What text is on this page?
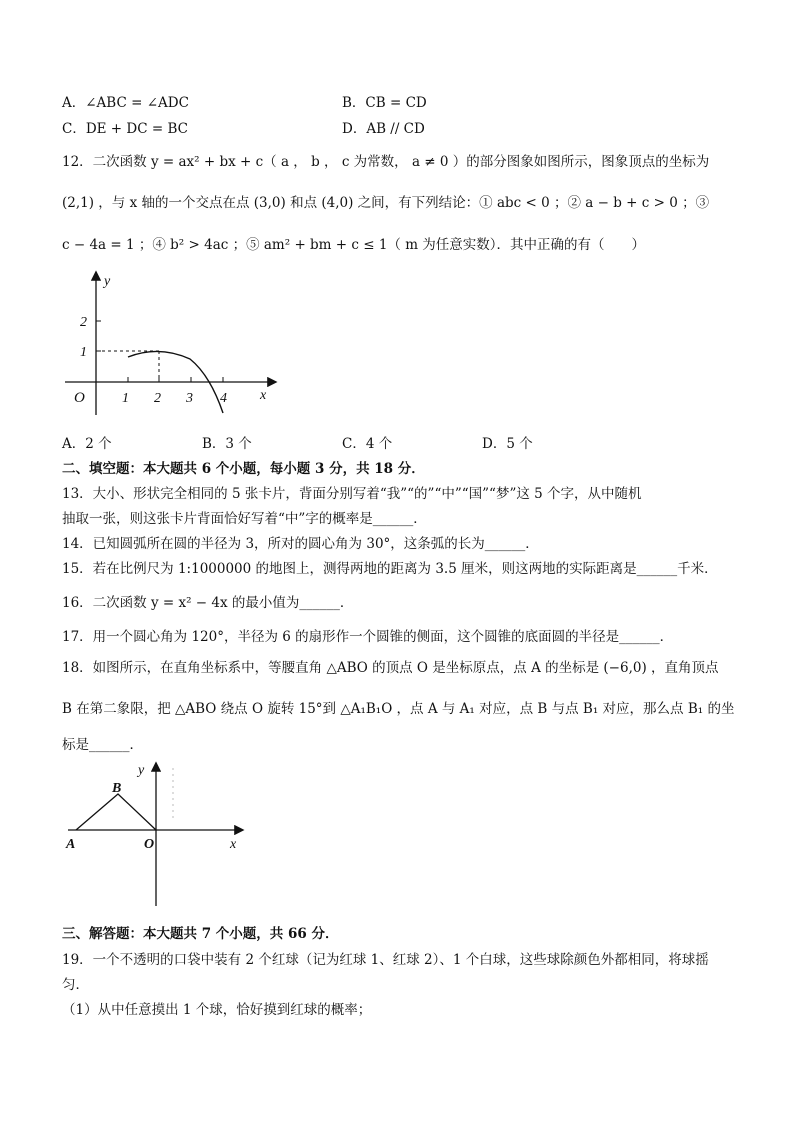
A．∠ABC = ∠ADC	B．CB = CD
C．DE + DC = BC	D．AB // CD
12．二次函数 y = ax² + bx + c（ a ， b ， c 为常数， a ≠ 0 ）的部分图象如图所示，图象顶点的坐标为
(2,1) ，与 x 轴的一个交点在点 (3,0) 和点 (4,0) 之间，有下列结论：① abc < 0 ；② a − b + c > 0 ；③
c − 4a = 1 ；④ b² > 4ac ；⑤ am² + bm + c ≤ 1（ m 为任意实数）．其中正确的有（　　）
y
x
O	1 2 3 4
1
2
A．2 个	B．3 个	C．4 个	D．5 个
二、填空题：本大题共 6 个小题，每小题 3 分，共 18 分．
13．大小、形状完全相同的 5 张卡片，背面分别写着“我”“的”“中”“国”“梦”这 5 个字，从中随机
抽取一张，则这张卡片背面恰好写着“中”字的概率是______．
14．已知圆弧所在圆的半径为 3，所对的圆心角为 30°，这条弧的长为______．
15．若在比例尺为 1:1000000 的地图上，测得两地的距离为 3.5 厘米，则这两地的实际距离是______千米．
16．二次函数 y = x² − 4x 的最小值为______．
17．用一个圆心角为 120°，半径为 6 的扇形作一个圆锥的侧面，这个圆锥的底面圆的半径是______．
18．如图所示，在直角坐标系中，等腰直角 △ABO 的顶点 O 是坐标原点，点 A 的坐标是 (−6,0) ，直角顶点
B 在第二象限，把 △ABO 绕点 O 旋转 15°到 △A₁B₁O ，点 A 与 A₁ 对应，点 B 与点 B₁ 对应，那么点 B₁ 的坐
标是______．
y
x
B
A	O
三、解答题：本大题共 7 个小题，共 66 分．
19．一个不透明的口袋中装有 2 个红球（记为红球 1、红球 2）、1 个白球，这些球除颜色外都相同，将球摇
匀．
（1）从中任意摸出 1 个球，恰好摸到红球的概率；
